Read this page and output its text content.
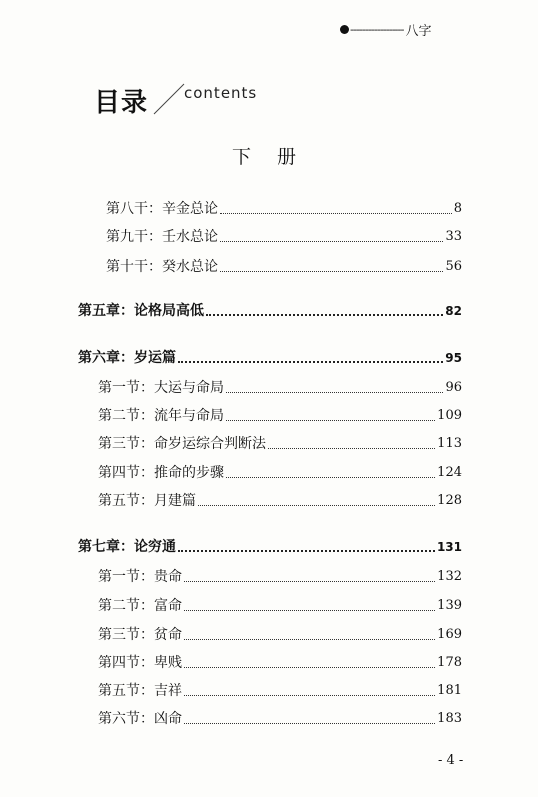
------------------ 八字
目录 contents
下 册
第八干：辛金总论	8
第九干：壬水总论	33
第十干：癸水总论	56
第五章：论格局高低	82
第六章：岁运篇	95
第一节：大运与命局	96
第二节：流年与命局	109
第三节：命岁运综合判断法	113
第四节：推命的步骤	124
第五节：月建篇	128
第七章：论穷通	131
第一节：贵命	132
第二节：富命	139
第三节：贫命	169
第四节：卑贱	178
第五节：吉祥	181
第六节：凶命	183
- 4 -
